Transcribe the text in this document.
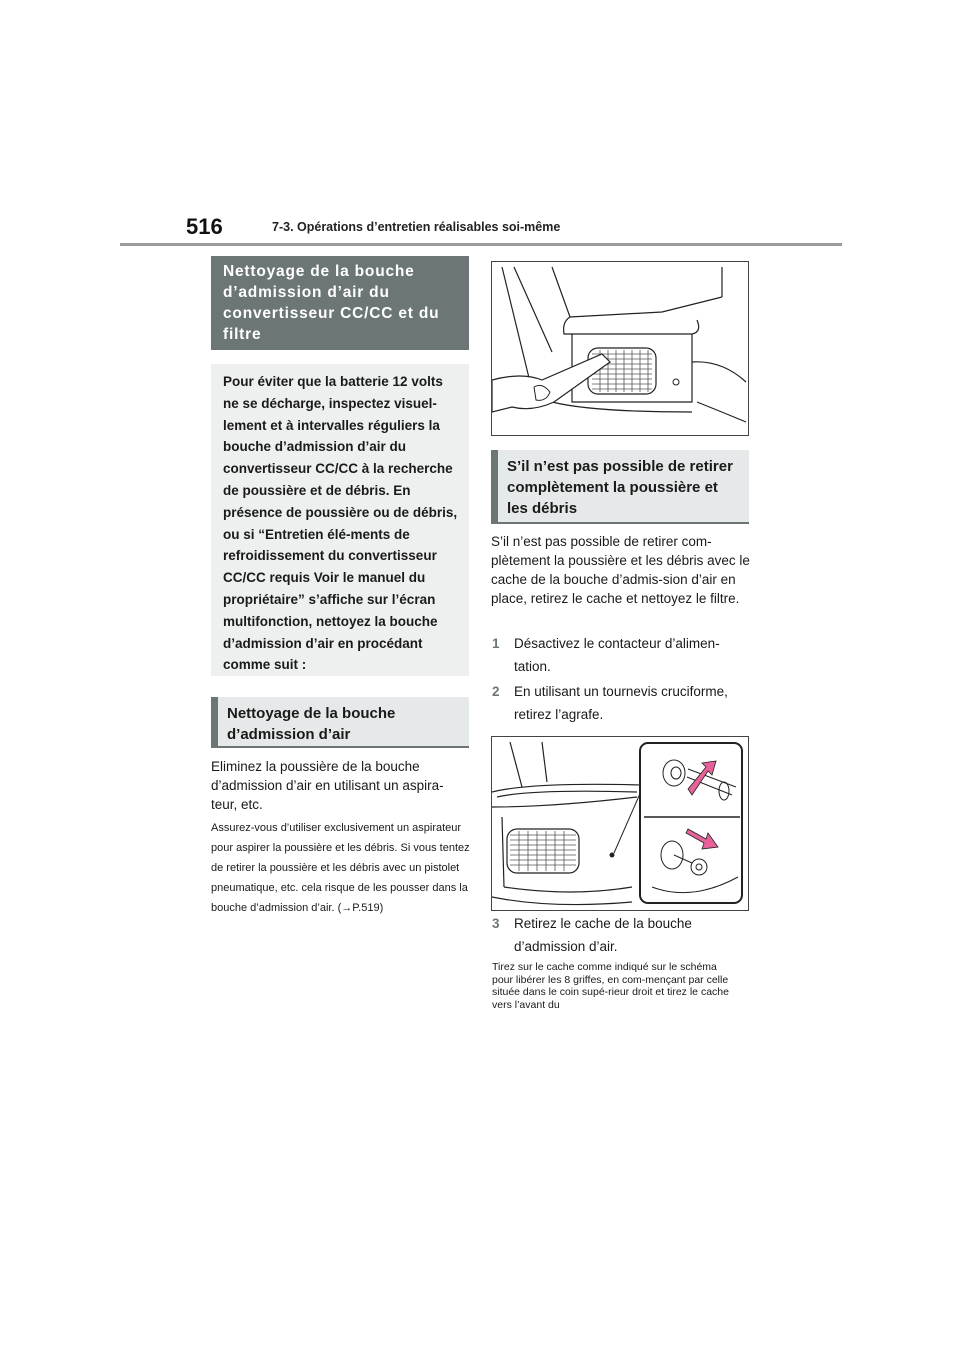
516	7-3. Opérations d’entretien réalisables soi-même
Nettoyage de la bouche d’admission d’air du convertisseur CC/CC et du filtre
Pour éviter que la batterie 12 volts ne se décharge, inspectez visuel-lement et à intervalles réguliers la bouche d’admission d’air du convertisseur CC/CC à la recherche de poussière et de débris. En présence de poussière ou de débris, ou si “Entretien élé-ments de refroidissement du convertisseur CC/CC requis Voir le manuel du propriétaire” s’affiche sur l’écran multifonction, nettoyez la bouche d’admission d’air en procédant comme suit :
Nettoyage de la bouche d’admission d’air
Eliminez la poussière de la bouche d’admission d’air en utilisant un aspira-teur, etc.
Assurez-vous d’utiliser exclusivement un aspirateur pour aspirer la poussière et les débris. Si vous tentez de retirer la poussière et les débris avec un pistolet pneumatique, etc. cela risque de les pousser dans la bouche d’admission d’air. (→P.519)
S’il n’est pas possible de retirer complètement la poussière et les débris
S’il n’est pas possible de retirer com-plètement la poussière et les débris avec le cache de la bouche d’admis-sion d’air en place, retirez le cache et nettoyez le filtre.
1 Désactivez le contacteur d’alimen-tation.
2 En utilisant un tournevis cruciforme, retirez l’agrafe.
3 Retirez le cache de la bouche d’admission d’air.
Tirez sur le cache comme indiqué sur le schéma pour libérer les 8 griffes, en com-mençant par celle située dans le coin supé-rieur droit et tirez le cache vers l’avant du
